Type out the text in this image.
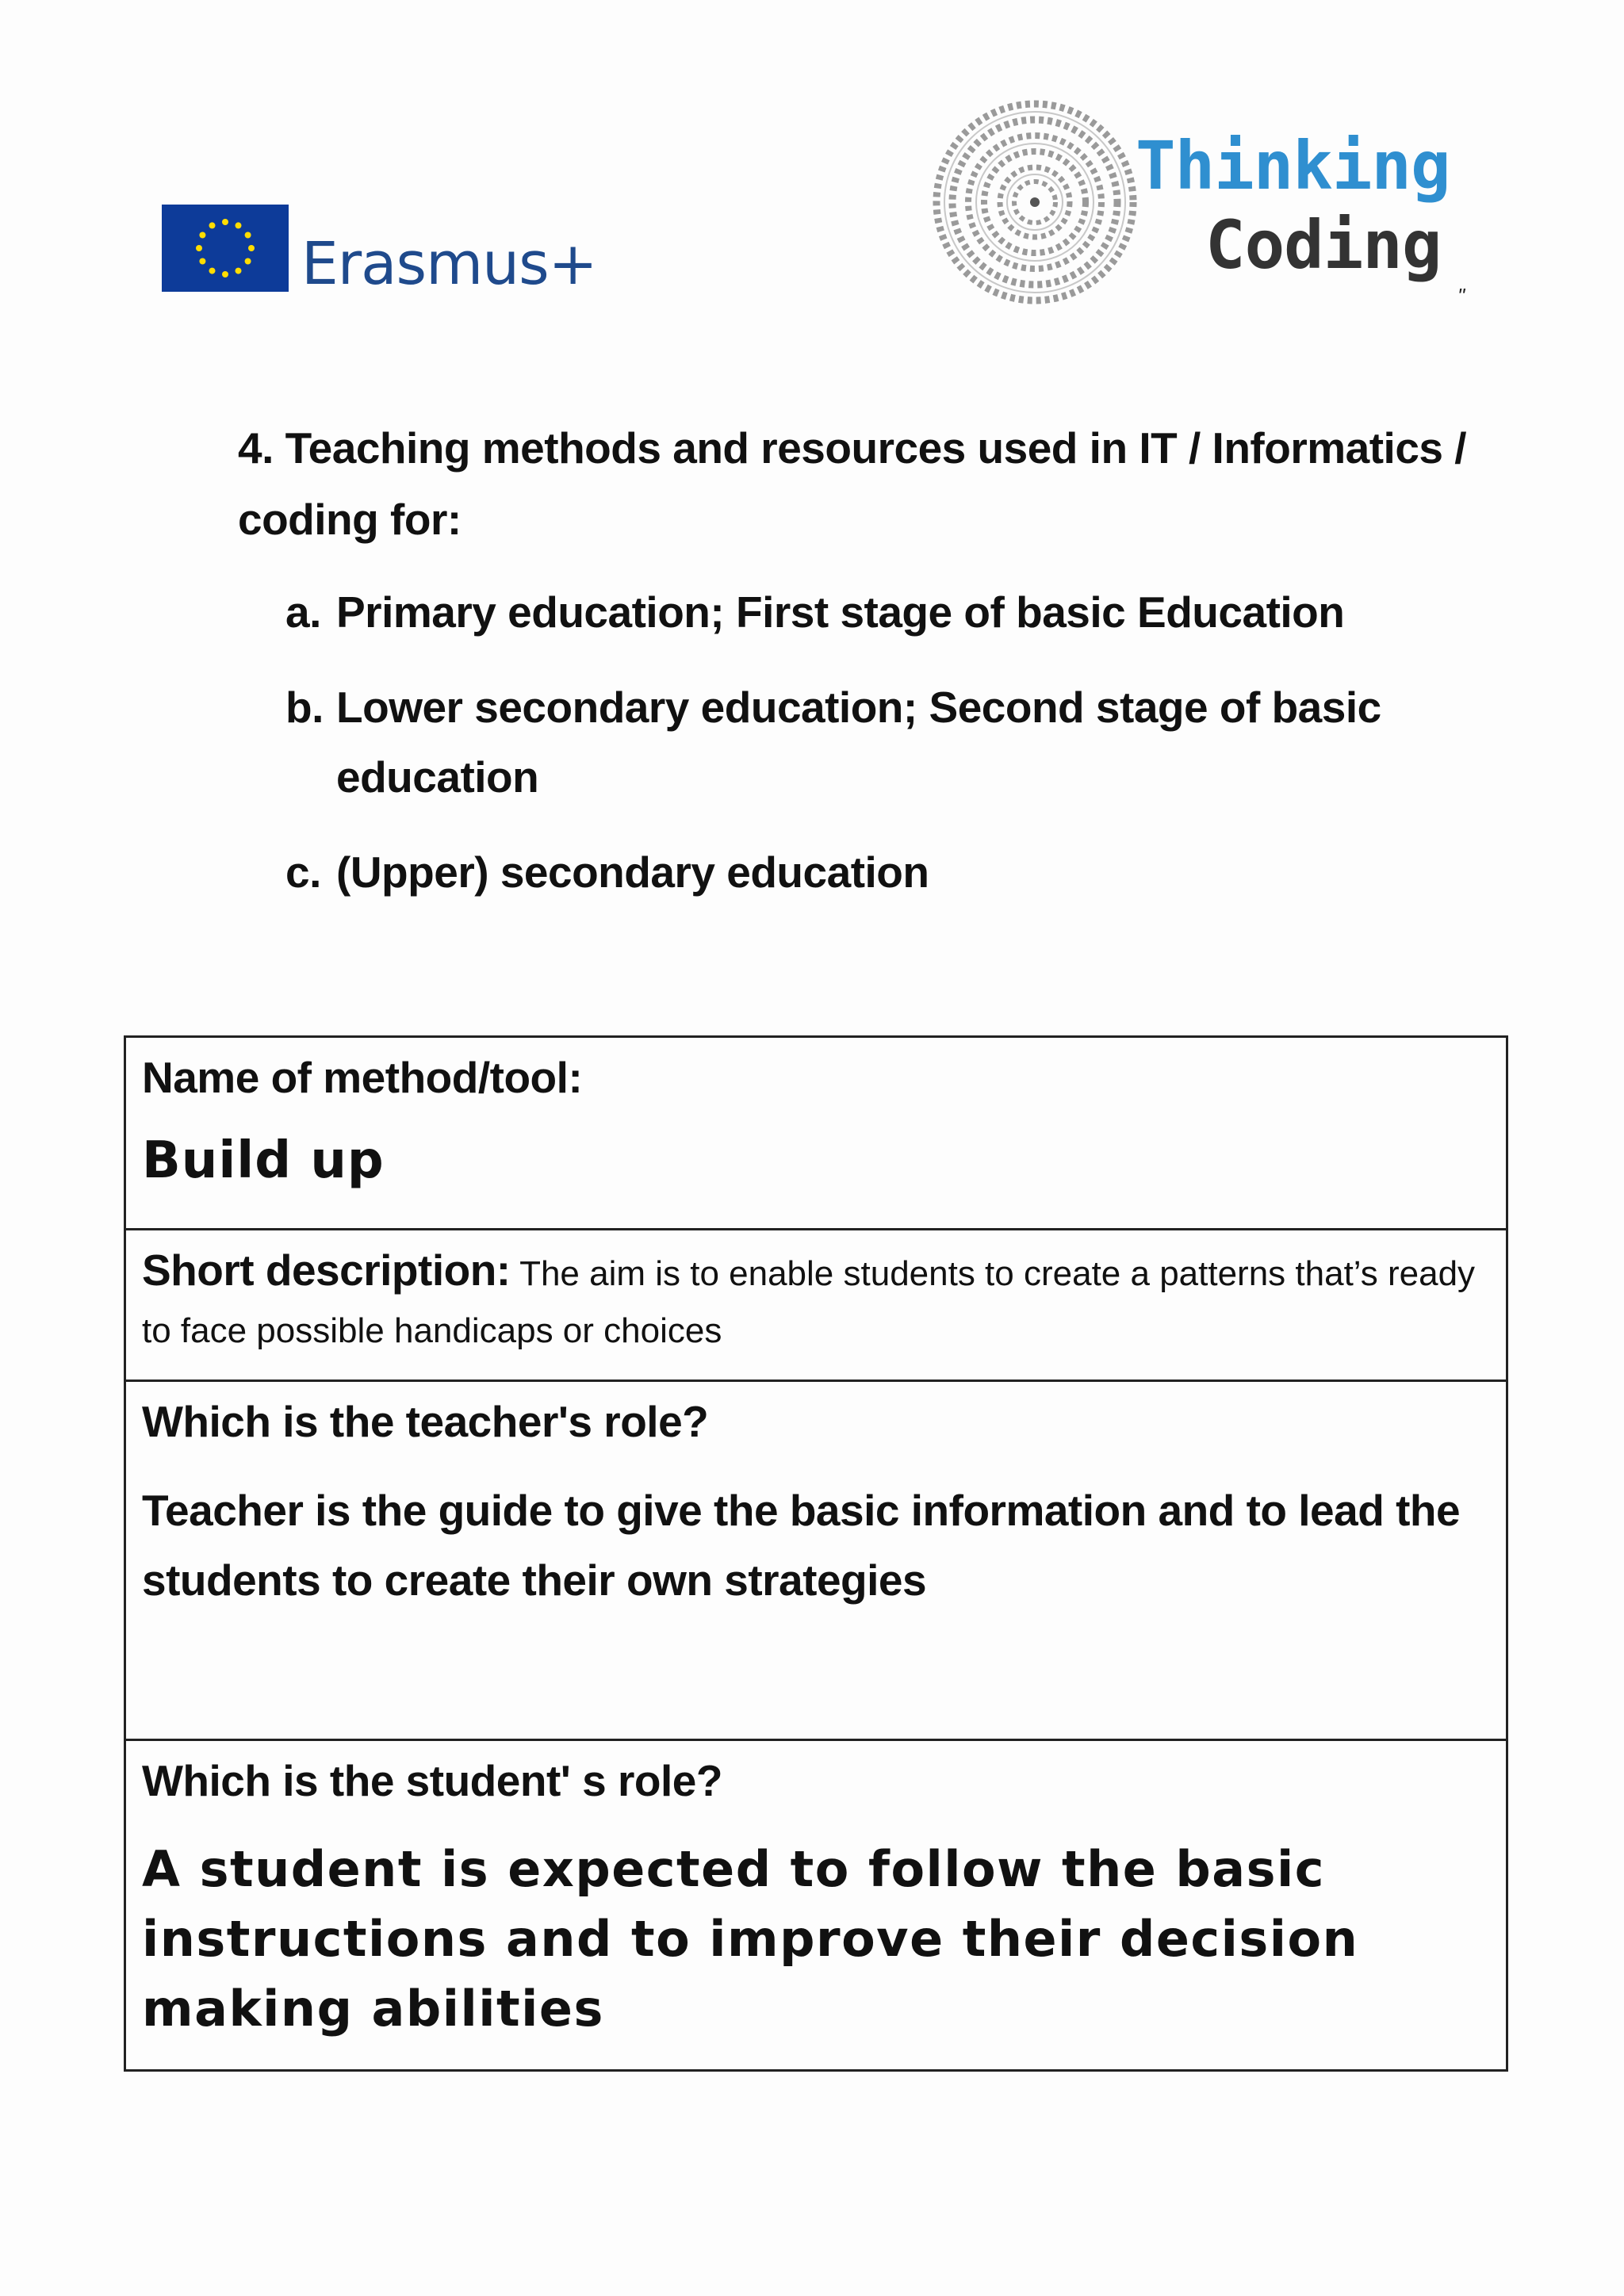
Erasmus+
Thinking
Coding
"
4. Teaching methods and resources used in IT / Informatics / coding for:
a. Primary education; First stage of basic Education
b. Lower secondary education; Second stage of basic education
c. (Upper) secondary education
Name of method/tool:
Build up
Short description: The aim is to enable students to create a patterns that’s ready to face possible handicaps or choices
Which is the teacher's role?
Teacher is the guide to give the basic information and to lead the students to create their own strategies
Which is the student' s role?
A student is expected to follow the basic instructions and to improve their decision making abilities
